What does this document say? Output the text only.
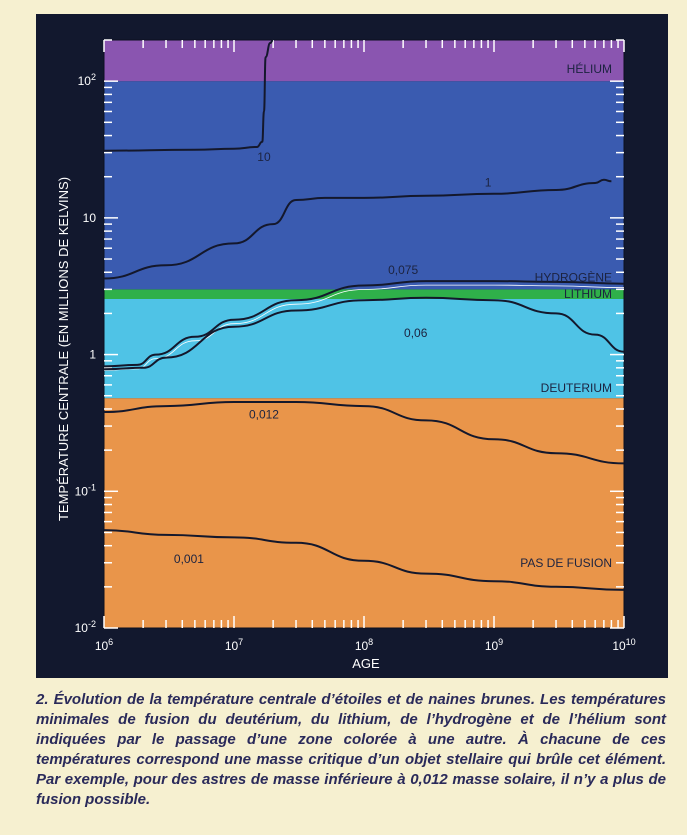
$10^6$	$10^7$	$10^8$	$10^9$	$10^{10}$
$10^{-2}$
$10^{-1}$
1
10
$10^2$
PAS DE FUSION
DEUTERIUM
LITHIUM
HYDROGÈNE
HÉLIUM
10
1
0,075
0,06
0,012
0,001
AGE
TEMPÉRATURE CENTRALE (EN MILLIONS DE KELVINS)
2. Évolution de la température centrale d’étoiles et de naines brunes. Les températures minimales de fusion du deutérium, du lithium, de l’hydrogène et de l’hélium sont indiquées par le passage d’une zone colorée à une autre. À chacune de ces températures correspond une masse critique d’un objet stellaire qui brûle cet élément. Par exemple, pour des astres de masse inférieure à 0,012 masse solaire, il n’y a plus de fusion possible.
